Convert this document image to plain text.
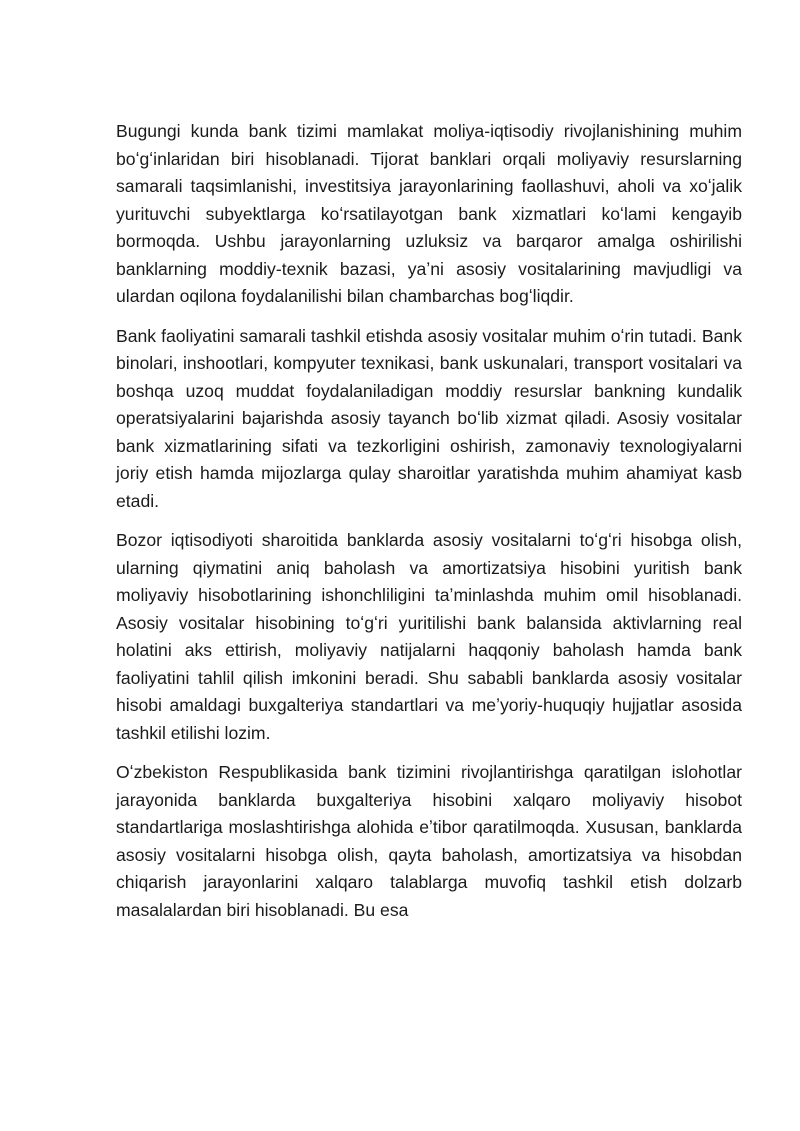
Bugungi kunda bank tizimi mamlakat moliya-iqtisodiy rivojlanishining muhim boʻgʻinlaridan biri hisoblanadi. Tijorat banklari orqali moliyaviy resurslarning samarali taqsimlanishi, investitsiya jarayonlarining faollashuvi, aholi va xoʻjalik yurituvchi subyektlarga koʻrsatilayotgan bank xizmatlari koʻlami kengayib bormoqda. Ushbu jarayonlarning uzluksiz va barqaror amalga oshirilishi banklarning moddiy-texnik bazasi, yaʼni asosiy vositalarining mavjudligi va ulardan oqilona foydalanilishi bilan chambarchas bogʻliqdir.

Bank faoliyatini samarali tashkil etishda asosiy vositalar muhim oʻrin tutadi. Bank binolari, inshootlari, kompyuter texnikasi, bank uskunalari, transport vositalari va boshqa uzoq muddat foydalaniladigan moddiy resurslar bankning kundalik operatsiyalarini bajarishda asosiy tayanch boʻlib xizmat qiladi. Asosiy vositalar bank xizmatlarining sifati va tezkorligini oshirish, zamonaviy texnologiyalarni joriy etish hamda mijozlarga qulay sharoitlar yaratishda muhim ahamiyat kasb etadi.

Bozor iqtisodiyoti sharoitida banklarda asosiy vositalarni toʻgʻri hisobga olish, ularning qiymatini aniq baholash va amortizatsiya hisobini yuritish bank moliyaviy hisobotlarining ishonchliligini taʼminlashda muhim omil hisoblanadi. Asosiy vositalar hisobining toʻgʻri yuritilishi bank balansida aktivlarning real holatini aks ettirish, moliyaviy natijalarni haqqoniy baholash hamda bank faoliyatini tahlil qilish imkonini beradi. Shu sababli banklarda asosiy vositalar hisobi amaldagi buxgalteriya standartlari va meʼyoriy-huquqiy hujjatlar asosida tashkil etilishi lozim.

Oʻzbekiston Respublikasida bank tizimini rivojlantirishga qaratilgan islohotlar jarayonida banklarda buxgalteriya hisobini xalqaro moliyaviy hisobot standartlariga moslashtirishga alohida eʼtibor qaratilmoqda. Xususan, banklarda asosiy vositalarni hisobga olish, qayta baholash, amortizatsiya va hisobdan chiqarish jarayonlarini xalqaro talablarga muvofiq tashkil etish dolzarb masalalardan biri hisoblanadi. Bu esa
